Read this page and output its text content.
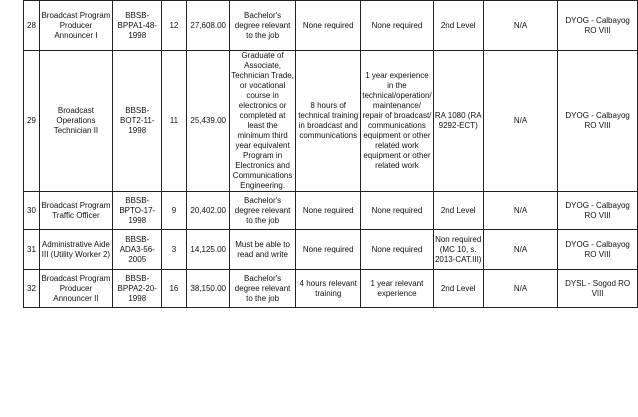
28	Broadcast Program Producer Announcer I	BBSB-BPPA1-48-1998	12	27,608.00	Bachelor's degree relevant to the job	None required	None required	2nd Level	N/A	DYOG - Calbayog RO VIII
29	Broadcast Operations Technician II	BBSB-BOT2-11-1998	11	25,439.00	Graduate of Associate, Technician Trade, or vocational course in electronics or completed at least the minimum third year equivalent Program in Electronics and Communications Engineering.	8 hours of technical training in broadcast and communications	1 year experience in the technical/operation/ maintenance/ repair of broadcast/ communications equipment or other related work equipment or other related work	RA 1080 (RA 9292-ECT)	N/A	DYOG - Calbayog RO VIII
30	Broadcast Program Traffic Officer	BBSB-BPTO-17-1998	9	20,402.00	Bachelor's degree relevant to the job	None required	None required	2nd Level	N/A	DYOG - Calbayog RO VIII
31	Administrative Aide III (Utility Worker 2)	BBSB-ADA3-56-2005	3	14,125.00	Must be able to read and write	None required	None required	Non required (MC 10, s. 2013-CAT.III)	N/A	DYOG - Calbayog RO VIII
32	Broadcast Program Producer Announcer II	BBSB-BPPA2-20-1998	16	38,150.00	Bachelor's degree relevant to the job	4 hours relevant training	1 year relevant experience	2nd Level	N/A	DYSL - Sogod RO VIII
